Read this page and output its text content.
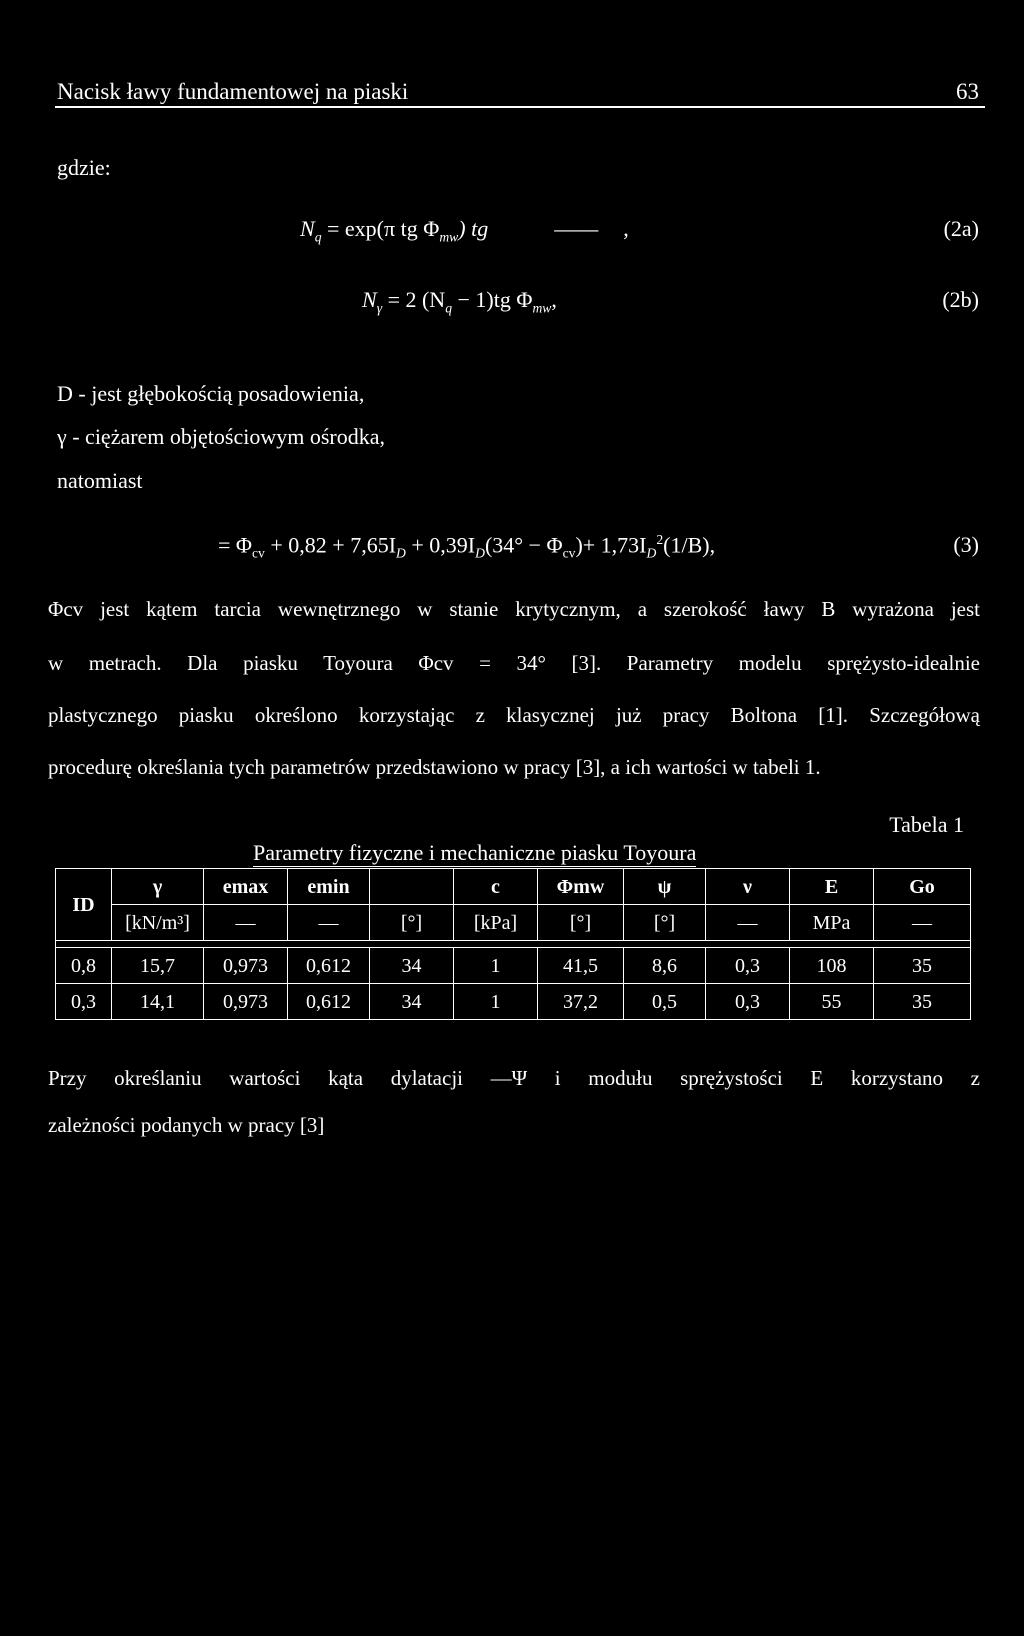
Nacisk ławy fundamentowej na piaski	63
gdzie:
$N_q = \exp(\pi$ tg $\Phi_{mw}$) tg	—— ,	(2a)
$N_\gamma = 2$ $(N_q - 1)tg$ $\Phi_{mw}$,	(2b)
D - jest głębokością posadowienia,
γ - ciężarem objętościowym ośrodka,
natomiast
= $\Phi_{cv} + 0,82 + 7,65I_D + 0,39I_D(34^\circ - \Phi_{cv})+ 1,73I_D^2(1/B)$,	(3)
Φcv jest kątem tarcia wewnętrznego w stanie krytycznym, a szerokość ławy B wyrażona jest
w metrach. Dla piasku Toyoura Φcv = 34° [3]. Parametry modelu sprężysto-idealnie
plastycznego piasku określono korzystając z klasycznej już pracy Boltona [1]. Szczegółową
procedurę określania tych parametrów przedstawiono w pracy [3], a ich wartości w tabeli 1.
Tabela 1
Parametry fizyczne i mechaniczne piasku Toyoura
ID	γ	emax	emin		c	Φmw	ψ	ν	E	Go
	[kN/m³]	—	—	[°]	[kPa]	[°]	[°]	—	MPa	—

0,8	15,7	0,973	0,612	34	1	41,5	8,6	0,3	108	35
0,3	14,1	0,973	0,612	34	1	37,2	0,5	0,3	55	35
Przy określaniu wartości kąta dylatacji —Ψ i modułu sprężystości E korzystano z
zależności podanych w pracy [3]
